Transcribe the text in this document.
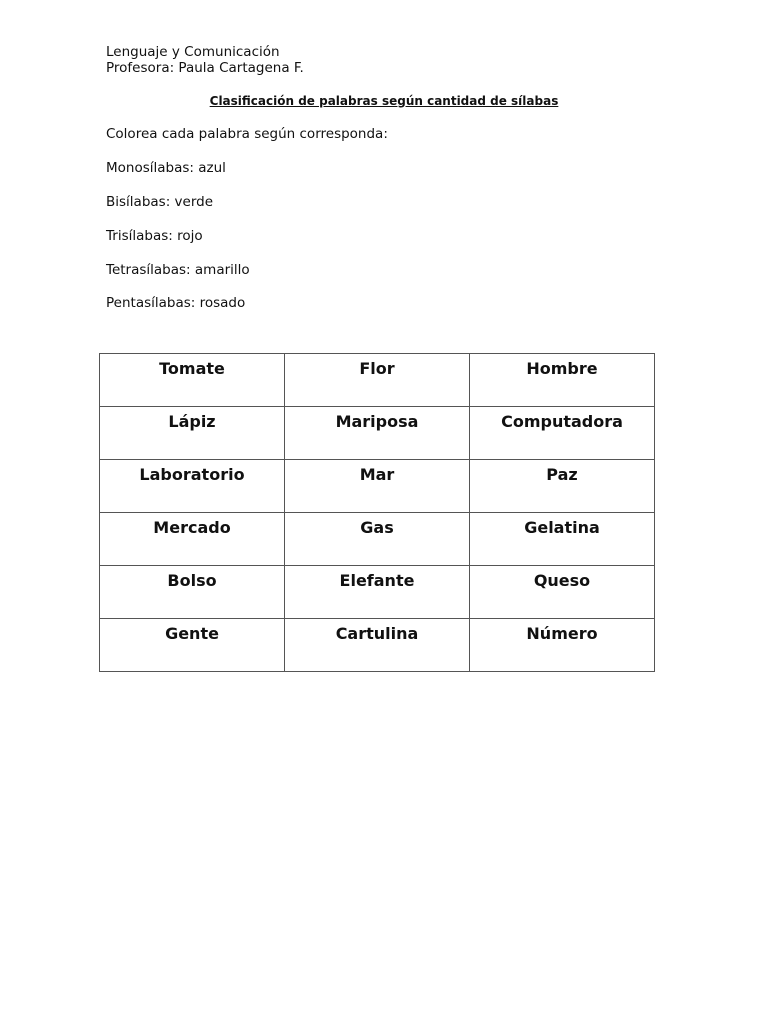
Lenguaje y Comunicación
Profesora: Paula Cartagena F.
Clasificación de palabras según cantidad de sílabas
Colorea cada palabra según corresponda:
Monosílabas: azul
Bisílabas: verde
Trisílabas: rojo
Tetrasílabas: amarillo
Pentasílabas: rosado
Tomate	Flor	Hombre

Lápiz	Mariposa	Computadora

Laboratorio	Mar	Paz

Mercado	Gas	Gelatina

Bolso	Elefante	Queso

Gente	Cartulina	Número
